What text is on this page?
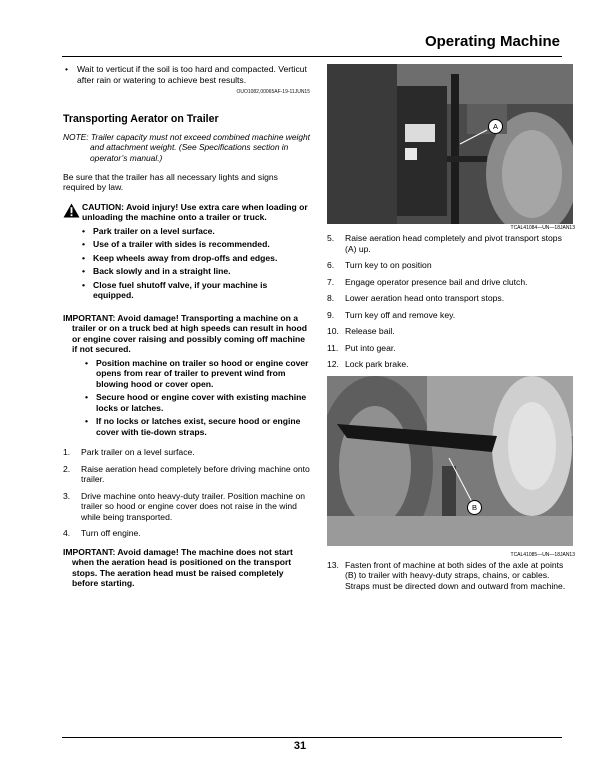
Operating Machine
• Wait to verticut if the soil is too hard and compacted. Verticut after rain or watering to achieve best results.

OUO1082,00065AF-19-11JUN15

Transporting Aerator on Trailer

NOTE: Trailer capacity must not exceed combined machine weight and attachment weight. (See Specifications section in operator’s manual.)

Be sure that the trailer has all necessary lights and signs required by law.

CAUTION: Avoid injury! Use extra care when loading or unloading the machine onto a trailer or truck.

• Park trailer on a level surface.
• Use of a trailer with sides is recommended.
• Keep wheels away from drop-offs and edges.
• Back slowly and in a straight line.
• Close fuel shutoff valve, if your machine is equipped.

IMPORTANT: Avoid damage! Transporting a machine on a trailer or on a truck bed at high speeds can result in hood or engine cover raising and possibly coming off machine if not secured.

• Position machine on trailer so hood or engine cover opens from rear of trailer to prevent wind from blowing hood or cover open.
• Secure hood or engine cover with existing machine locks or latches.
• If no locks or latches exist, secure hood or engine cover with tie-down straps.
1.	Park trailer on a level surface.
2.	Raise aeration head completely before driving machine onto trailer.
3.	Drive machine onto heavy-duty trailer. Position machine on trailer so hood or engine cover does not raise in the wind while being transported.
4.	Turn off engine.

IMPORTANT: Avoid damage! The machine does not start when the aeration head is positioned on the transport stops. The aeration head must be raised completely before starting.

A

TCAL41084—UN—18JAN13

5.	Raise aeration head completely and pivot transport stops (A) up.
6.	Turn key to on position
7.	Engage operator presence bail and drive clutch.
8.	Lower aeration head onto transport stops.
9.	Turn key off and remove key.
10. Release bail.
11. Put into gear.
12. Lock park brake.
B

TCAL41085—UN—18JAN13

13. Fasten front of machine at both sides of the axle at points (B) to trailer with heavy-duty straps, chains, or cables. Straps must be directed down and outward from machine.

31
